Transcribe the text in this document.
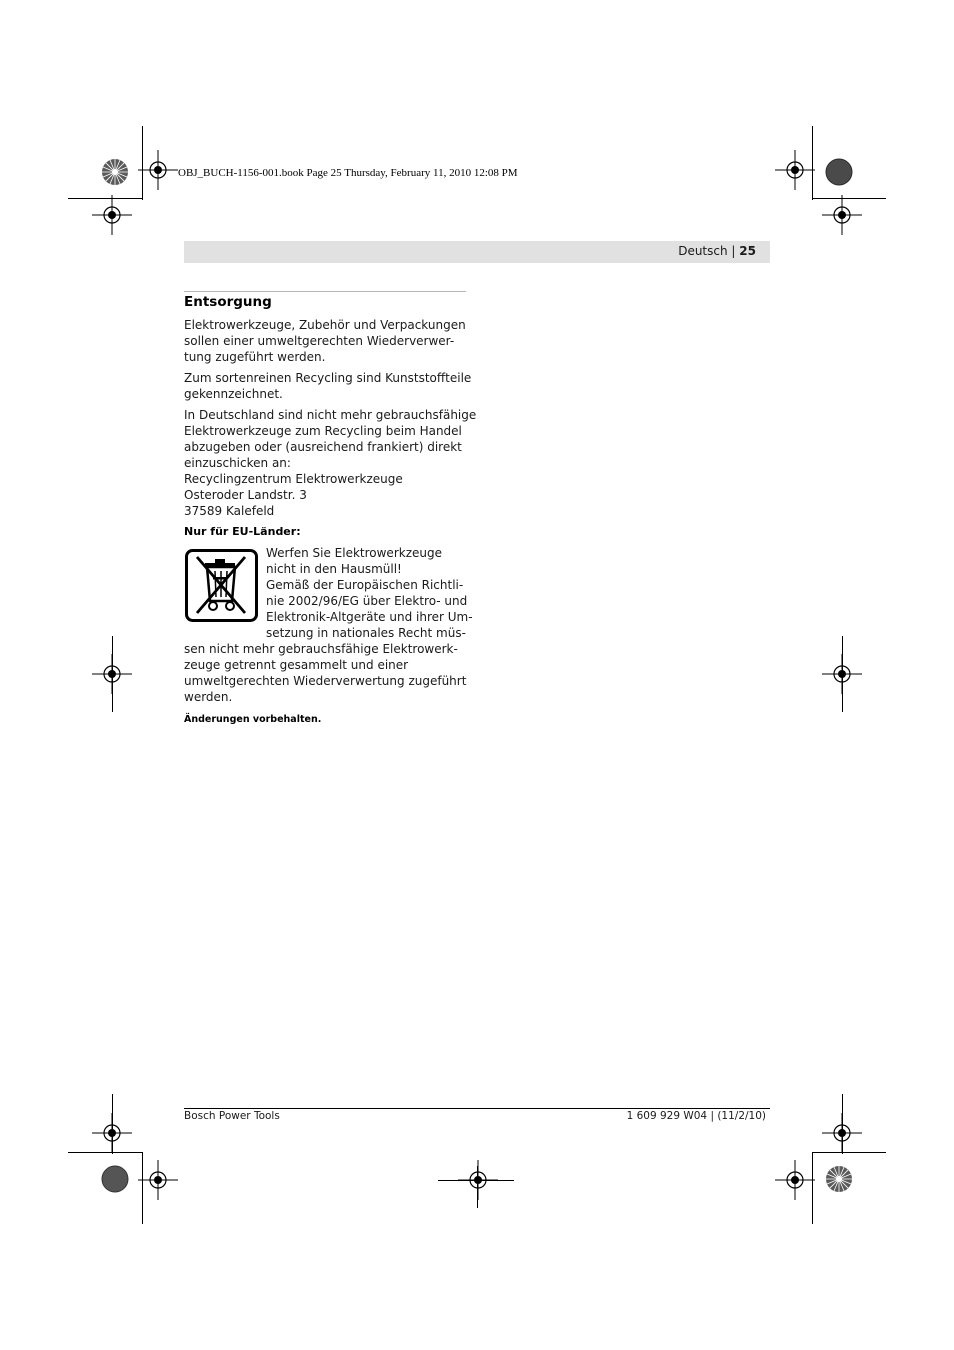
OBJ_BUCH-1156-001.book Page 25 Thursday, February 11, 2010 12:08 PM
Deutsch | 25
Entsorgung

Elektrowerkzeuge, Zubehör und Verpackungen

sollen einer umweltgerechten Wiederverwer-

tung zugeführt werden.

Zum sortenreinen Recycling sind Kunststoffteile

gekennzeichnet.

In Deutschland sind nicht mehr gebrauchsfähige

Elektrowerkzeuge zum Recycling beim Handel

abzugeben oder (ausreichend frankiert) direkt

einzuschicken an:

Recyclingzentrum Elektrowerkzeuge

Osteroder Landstr. 3

37589 Kalefeld

Nur für EU-Länder:

Werfen Sie Elektrowerkzeuge

nicht in den Hausmüll!

Gemäß der Europäischen Richtli-

nie 2002/96/EG über Elektro- und

Elektronik-Altgeräte und ihrer Um-

setzung in nationales Recht müs-

sen nicht mehr gebrauchsfähige Elektrowerk-

zeuge getrennt gesammelt und einer

umweltgerechten Wiederverwertung zugeführt

werden.

Änderungen vorbehalten.
Bosch Power Tools	1 609 929 W04 | (11/2/10)
